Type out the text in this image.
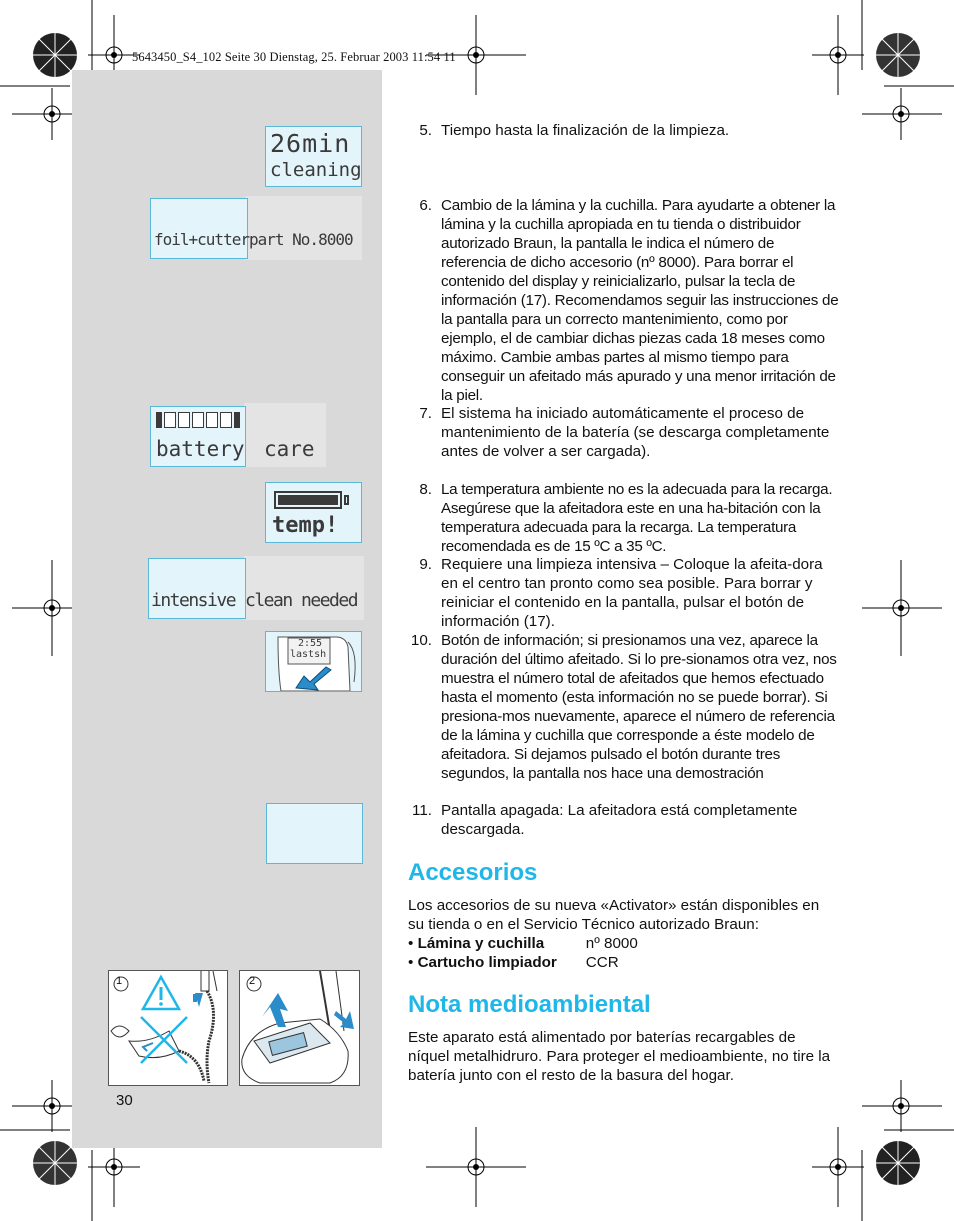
5643450_S4_102 Seite 30 Dienstag, 25. Februar 2003 11:54 11
26min
cleaning
foil+cutter part No.8000
battery care
temp!
intensive clean needed
2:55
lastsh
1	2
30
5. Tiempo hasta la finalización de la limpieza.
6. Cambio de la lámina y la cuchilla. Para ayudarte a obtener la lámina y la cuchilla apropiada en tu tienda o distribuidor autorizado Braun, la pantalla le indica el número de referencia de dicho accesorio (nº 8000). Para borrar el contenido del display y reinicializarlo, pulsar la tecla de información (17). Recomendamos seguir las instrucciones de la pantalla para un correcto mantenimiento, como por ejemplo, el de cambiar dichas piezas cada 18 meses como máximo. Cambie ambas partes al mismo tiempo para conseguir un afeitado más apurado y una menor irritación de la piel.
7. El sistema ha iniciado automáticamente el proceso de mantenimiento de la batería (se descarga completamente antes de volver a ser cargada).
8. La temperatura ambiente no es la adecuada para la recarga. Asegúrese que la afeitadora este en una ha-bitación con la temperatura adecuada para la recarga. La temperatura recomendada es de 15 ºC a 35 ºC.
9. Requiere una limpieza intensiva – Coloque la afeita-dora en el centro tan pronto como sea posible. Para borrar y reiniciar el contenido en la pantalla, pulsar el botón de información (17).
10. Botón de información; si presionamos una vez, aparece la duración del último afeitado. Si lo pre-sionamos otra vez, nos muestra el número total de afeitados que hemos efectuado hasta el momento (esta información no se puede borrar). Si presiona-mos nuevamente, aparece el número de referencia de la lámina y cuchilla que corresponde a éste modelo de afeitadora. Si dejamos pulsado el botón durante tres segundos, la pantalla nos hace una demostración
11. Pantalla apagada: La afeitadora está completamente descargada.
Accesorios
Los accesorios de su nueva «Activator» están disponibles en su tienda o en el Servicio Técnico autorizado Braun:
• Lámina y cuchilla	nº 8000
• Cartucho limpiador CCR
Nota medioambiental
Este aparato está alimentado por baterías recargables de níquel metalhidruro. Para proteger el medioambiente, no tire la batería junto con el resto de la basura del hogar.
